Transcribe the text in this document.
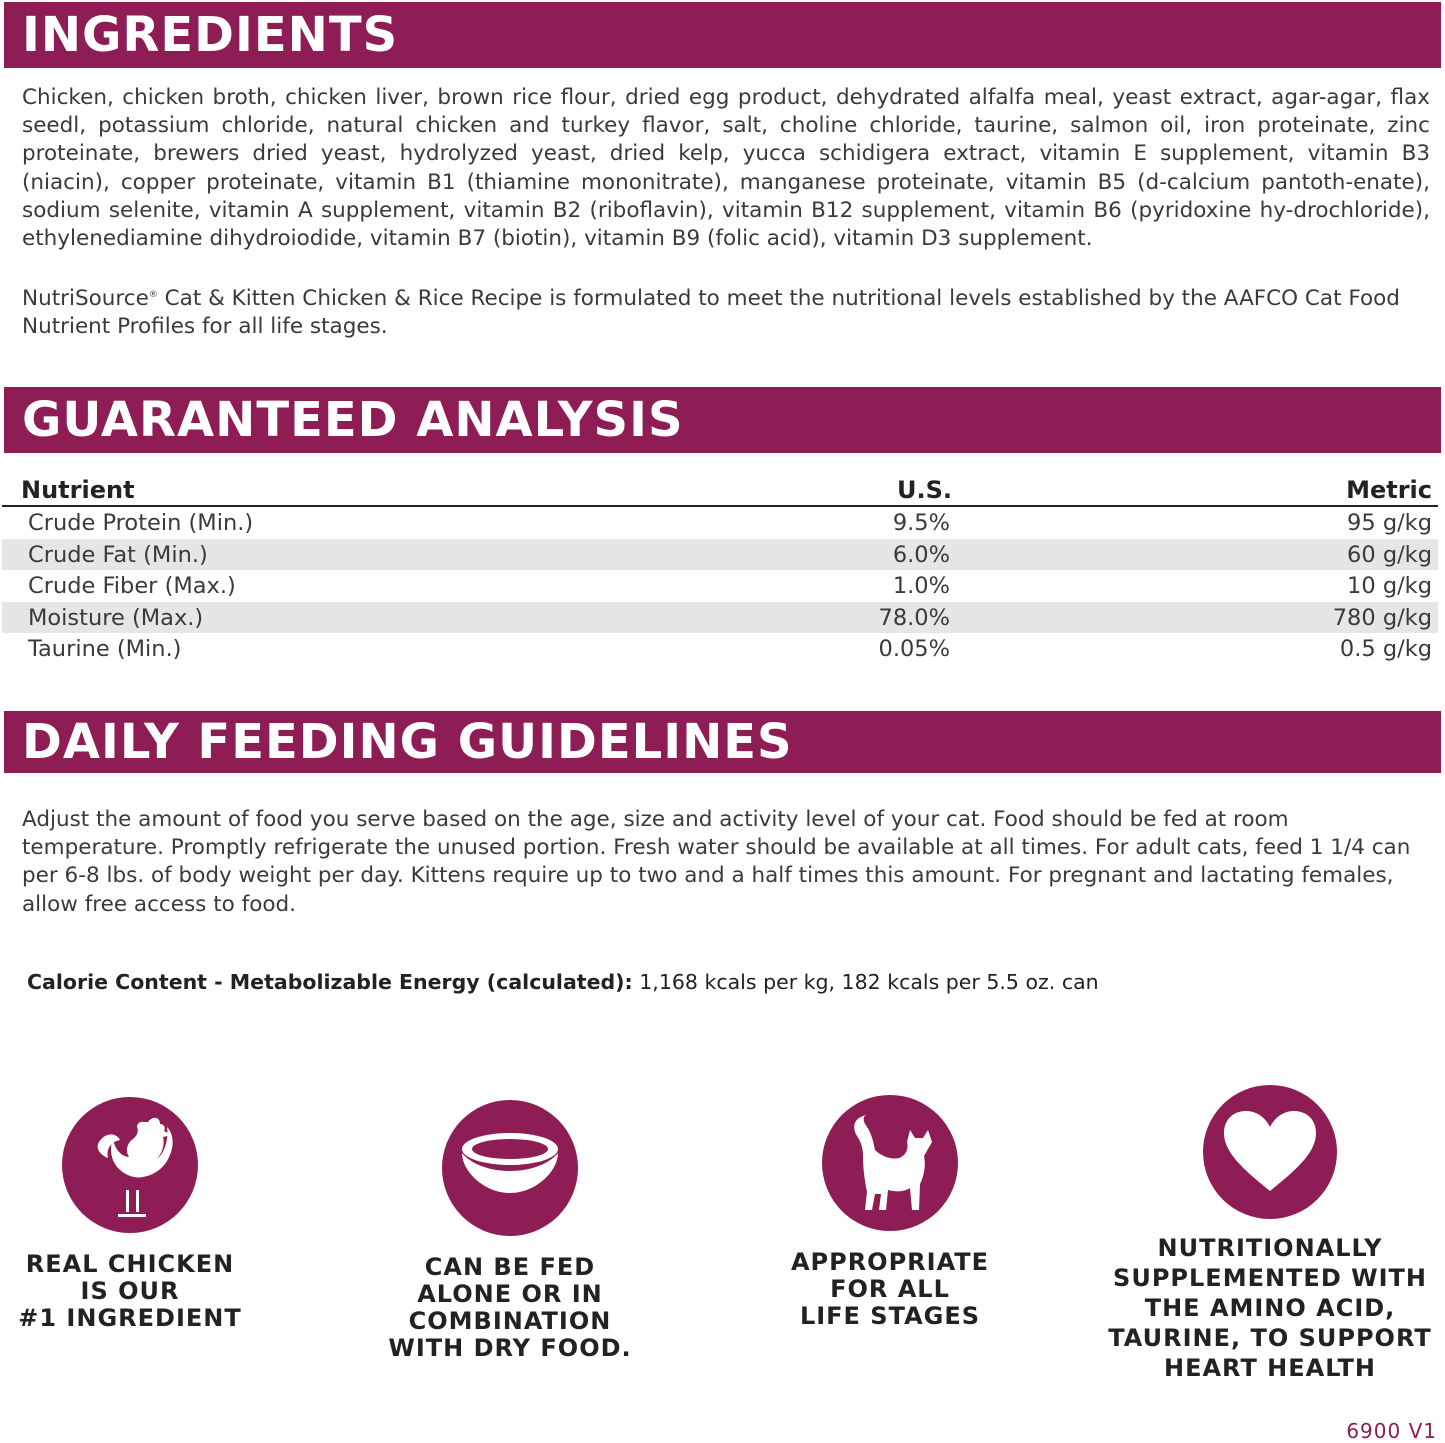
INGREDIENTS

Chicken, chicken broth, chicken liver, brown rice flour, dried egg product, dehydrated alfalfa meal, yeast extract, agar-agar, flax seedl, potassium chloride, natural chicken and turkey flavor, salt, choline chloride, taurine, salmon oil, iron proteinate, zinc proteinate, brewers dried yeast, hydrolyzed yeast, dried kelp, yucca schidigera extract, vitamin E supplement, vitamin B3 (niacin), copper proteinate, vitamin B1 (thiamine mononitrate), manganese proteinate, vitamin B5 (d-calcium pantoth-enate), sodium selenite, vitamin A supplement, vitamin B2 (riboflavin), vitamin B12 supplement, vitamin B6 (pyridoxine hy-drochloride), ethylenediamine dihydroiodide, vitamin B7 (biotin), vitamin B9 (folic acid), vitamin D3 supplement.

NutriSource® Cat & Kitten Chicken & Rice Recipe is formulated to meet the nutritional levels established by the AAFCO Cat Food Nutrient Profiles for all life stages.

GUARANTEED ANALYSIS
Nutrient	U.S.	Metric
Crude Protein (Min.)	9.5%	95 g/kg
Crude Fat (Min.)	6.0%	60 g/kg
Crude Fiber (Max.)	1.0%	10 g/kg
Moisture (Max.)	78.0%	780 g/kg
Taurine (Min.)	0.05%	0.5 g/kg
DAILY FEEDING GUIDELINES

Adjust the amount of food you serve based on the age, size and activity level of your cat. Food should be fed at room temperature. Promptly refrigerate the unused portion. Fresh water should be available at all times. For adult cats, feed 1 1/4 can per 6-8 lbs. of body weight per day. Kittens require up to two and a half times this amount. For pregnant and lactating females, allow free access to food.

Calorie Content - Metabolizable Energy (calculated): 1,168 kcals per kg, 182 kcals per 5.5 oz. can
REAL CHICKEN
IS OUR
#1 INGREDIENT
CAN BE FED
ALONE OR IN
COMBINATION
WITH DRY FOOD.
APPROPRIATE
FOR ALL
LIFE STAGES
NUTRITIONALLY
SUPPLEMENTED WITH
THE AMINO ACID,
TAURINE, TO SUPPORT
HEART HEALTH
6900 V1
